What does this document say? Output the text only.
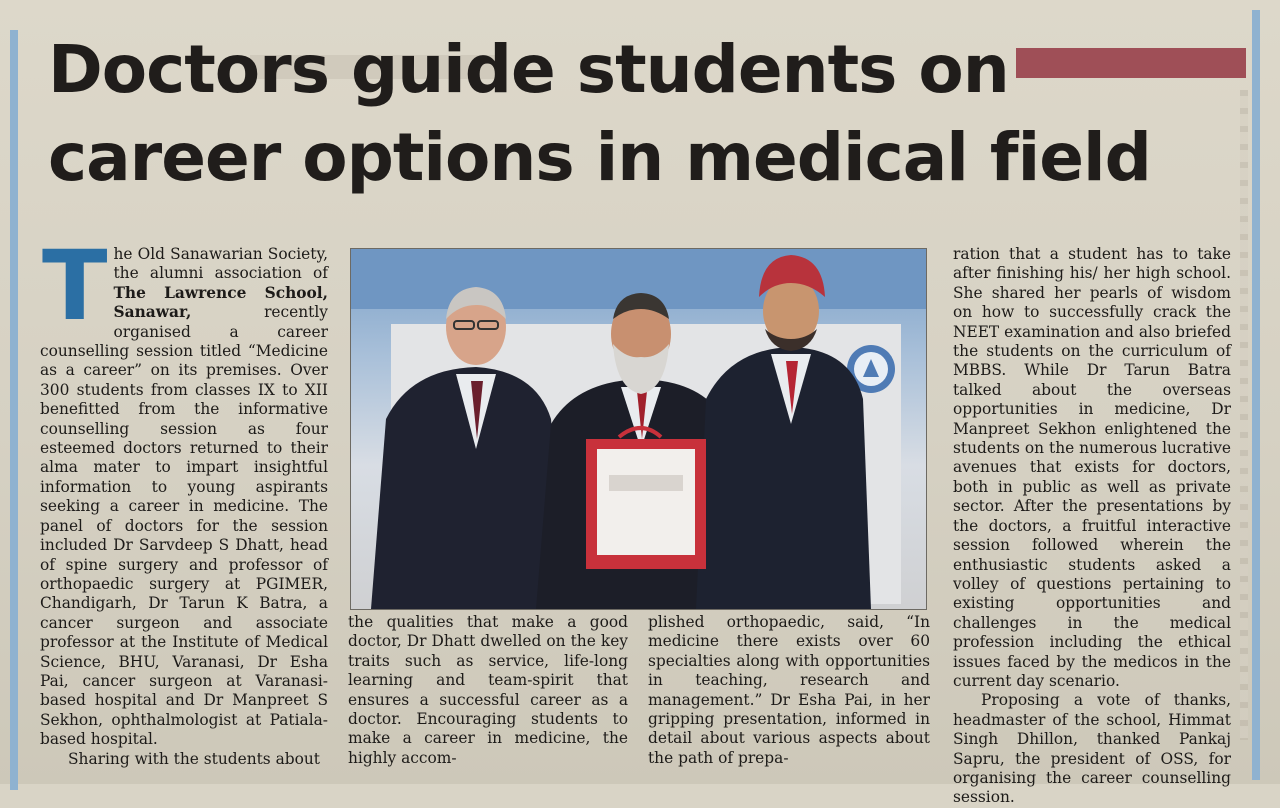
Doctors guide students on
career options in medical field

T he Old Sanawarian Society, the alumni association of The Lawrence School, Sanawar,	recently organised a career counselling session titled “Medicine as a career” on its premises. Over 300 students from classes IX to XII benefitted from the informative counselling session as four esteemed doctors returned to their alma mater to impart insightful information to young aspirants seeking a career in medicine. The panel of doctors for the session included Dr Sarvdeep S Dhatt, head of spine surgery and professor of orthopaedic surgery at PGIMER, Chandigarh, Dr Tarun K Batra, a cancer surgeon and associate professor at the Institute of Medical Science, BHU, Varanasi, Dr Esha Pai, cancer surgeon at Varanasi-based hospital and Dr Manpreet S Sekhon, ophthalmologist at Patiala-based hospital.

Sharing with the students about

the qualities that make a good doctor, Dr Dhatt dwelled on the key traits such as service, life-long learning and team-spirit that ensures a successful career as a doctor. Encouraging students to make a career in medicine, the highly accom-

plished orthopaedic, said, “In medicine there exists over 60 specialties along with opportunities in teaching, research and management.” Dr Esha Pai, in her gripping presentation, informed in detail about various aspects about the path of prepa-

ration that a student has to take after finishing his/ her high school. She shared her pearls of wisdom on how to successfully crack the NEET examination and also briefed the students on the curriculum of MBBS. While Dr Tarun Batra talked about the overseas opportunities in medicine, Dr Manpreet Sekhon enlightened the students on the numerous lucrative avenues that exists for doctors, both in public as well as private sector. After the presentations by the doctors, a fruitful interactive session followed wherein the enthusiastic students asked a volley of questions pertaining to existing opportunities and challenges in the medical profession including the ethical issues faced by the medicos in the current day scenario.

Proposing a vote of thanks, headmaster of the school, Himmat Singh Dhillon, thanked Pankaj Sapru, the president of OSS, for organising the career counselling session.
